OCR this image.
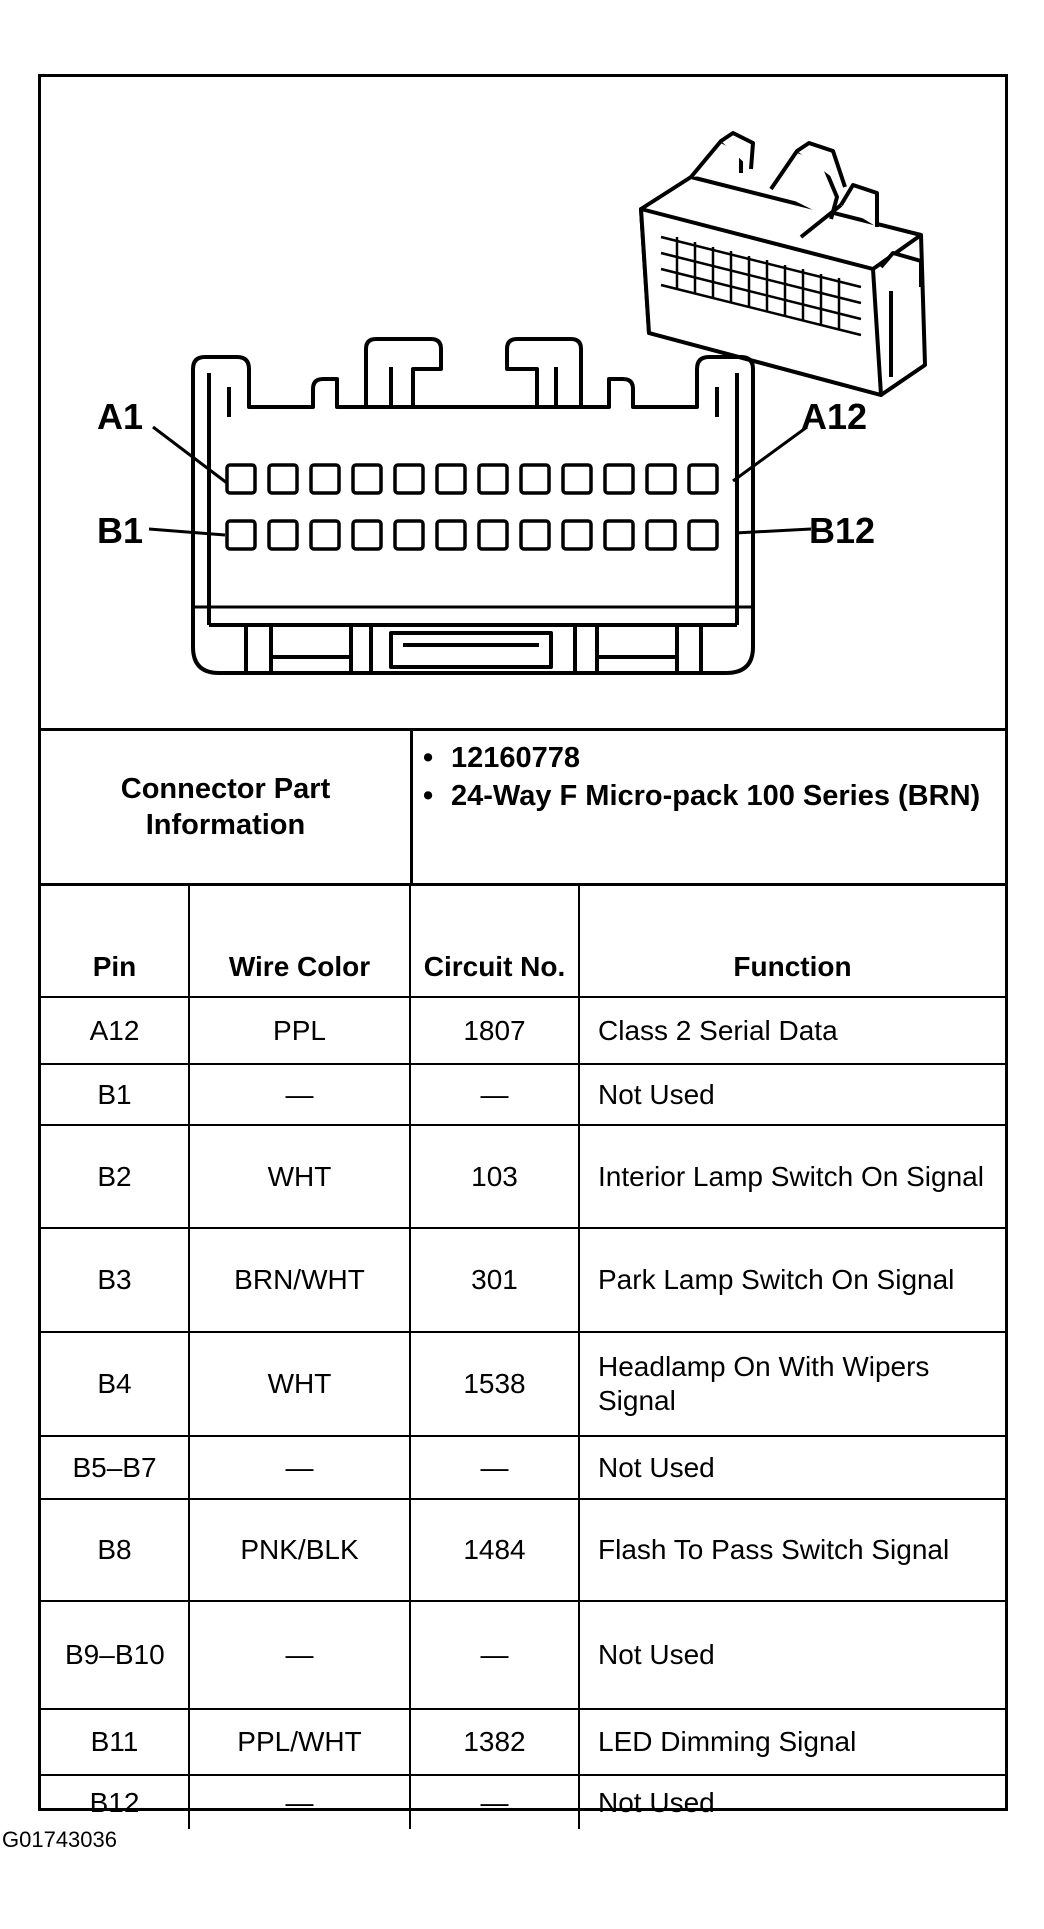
A1
B1
A12
B12
Connector Part Information
• 12160778
• 24-Way F Micro-pack 100 Series (BRN)
Pin	Wire Color	Circuit No.	Function
A12	PPL	1807	Class 2 Serial Data
B1	—	—	Not Used
B2	WHT	103	Interior Lamp Switch On Signal
B3	BRN/WHT	301	Park Lamp Switch On Signal
B4	WHT	1538	Headlamp On With Wipers Signal
B5–B7	—	—	Not Used
B8	PNK/BLK	1484	Flash To Pass Switch Signal
B9–B10	—	—	Not Used
B11	PPL/WHT	1382	LED Dimming Signal
B12	—	—	Not Used
G01743036
